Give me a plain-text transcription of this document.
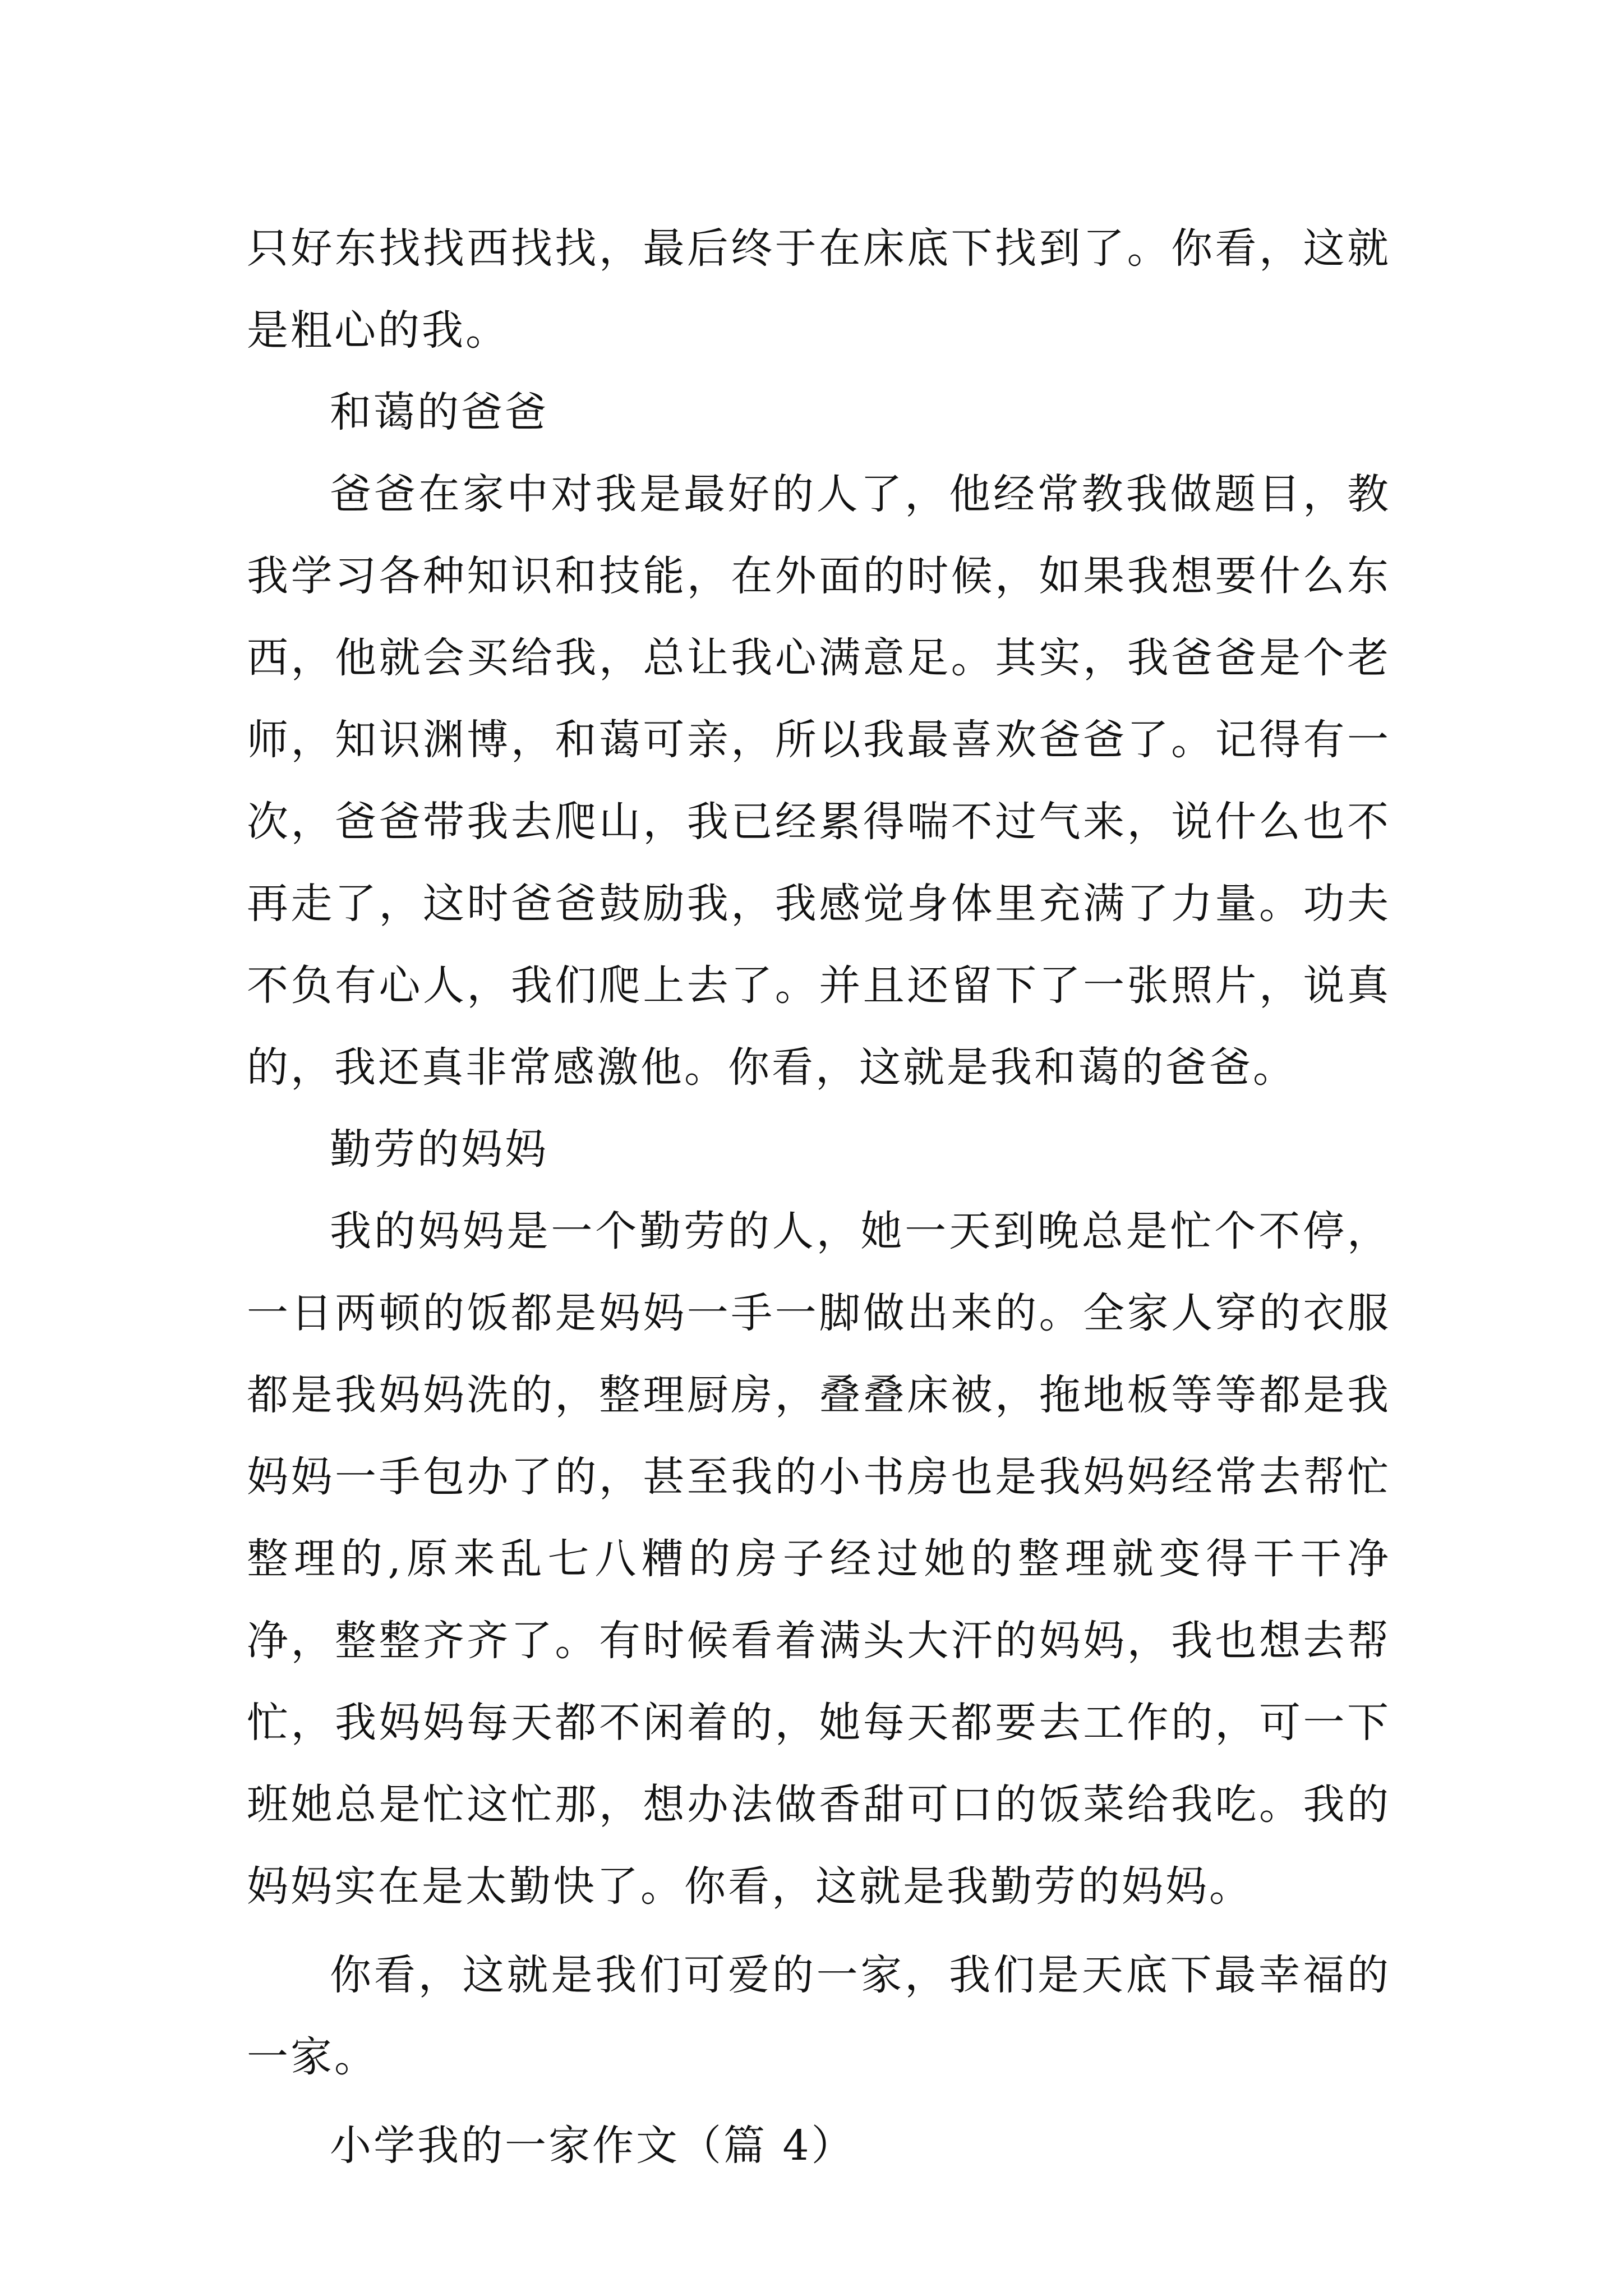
只好东找找西找找，最后终于在床底下找到了。你看，这就是粗心的我。

和蔼的爸爸

爸爸在家中对我是最好的人了，他经常教我做题目，教我学习各种知识和技能，在外面的时候，如果我想要什么东西，他就会买给我，总让我心满意足。其实，我爸爸是个老师，知识渊博，和蔼可亲，所以我最喜欢爸爸了。记得有一次，爸爸带我去爬山，我已经累得喘不过气来，说什么也不再走了，这时爸爸鼓励我，我感觉身体里充满了力量。功夫不负有心人，我们爬上去了。并且还留下了一张照片，说真的，我还真非常感激他。你看，这就是我和蔼的爸爸。

勤劳的妈妈

我的妈妈是一个勤劳的人，她一天到晚总是忙个不停，一日两顿的饭都是妈妈一手一脚做出来的。全家人穿的衣服都是我妈妈洗的，整理厨房，叠叠床被，拖地板等等都是我妈妈一手包办了的，甚至我的小书房也是我妈妈经常去帮忙整理的,原来乱七八糟的房子经过她的整理就变得干干净净，整整齐齐了。有时候看着满头大汗的妈妈，我也想去帮忙，我妈妈每天都不闲着的，她每天都要去工作的，可一下班她总是忙这忙那，想办法做香甜可口的饭菜给我吃。我的妈妈实在是太勤快了。你看，这就是我勤劳的妈妈。

你看，这就是我们可爱的一家，我们是天底下最幸福的一家。

小学我的一家作文（篇 4）
